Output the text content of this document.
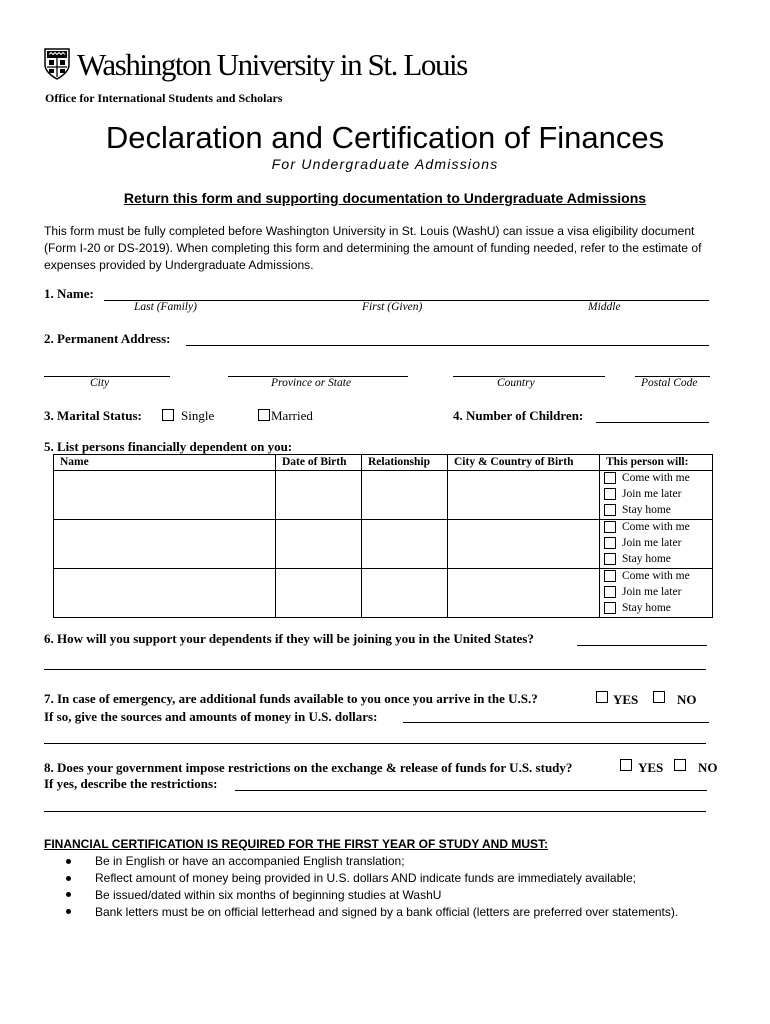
Washington University in St. Louis
Office for International Students and Scholars
Declaration and Certification of Finances
For Undergraduate Admissions
Return this form and supporting documentation to Undergraduate Admissions
This form must be fully completed before Washington University in St. Louis (WashU) can issue a visa eligibility document (Form I-20 or DS-2019). When completing this form and determining the amount of funding needed, refer to the estimate of expenses provided by Undergraduate Admissions.
1. Name:
Last (Family)	First (Given)	Middle
2. Permanent Address:
City	Province or State	Country	Postal Code
3. Marital Status:	Single	Married	4. Number of Children:
5. List persons financially dependent on you:
Name	Date of Birth	Relationship	City & Country of Birth	This person will:

				Come with me
Join me later
Stay home

				Come with me
Join me later
Stay home

				Come with me
Join me later
Stay home
6. How will you support your dependents if they will be joining you in the United States?
7. In case of emergency, are additional funds available to you once you arrive in the U.S.?	YES	NO
If so, give the sources and amounts of money in U.S. dollars:
8. Does your government impose restrictions on the exchange & release of funds for U.S. study?	YES	NO
If yes, describe the restrictions:
FINANCIAL CERTIFICATION IS REQUIRED FOR THE FIRST YEAR OF STUDY AND MUST:
Be in English or have an accompanied English translation;
Reflect amount of money being provided in U.S. dollars AND indicate funds are immediately available;
Be issued/dated within six months of beginning studies at WashU
Bank letters must be on official letterhead and signed by a bank official (letters are preferred over statements).
